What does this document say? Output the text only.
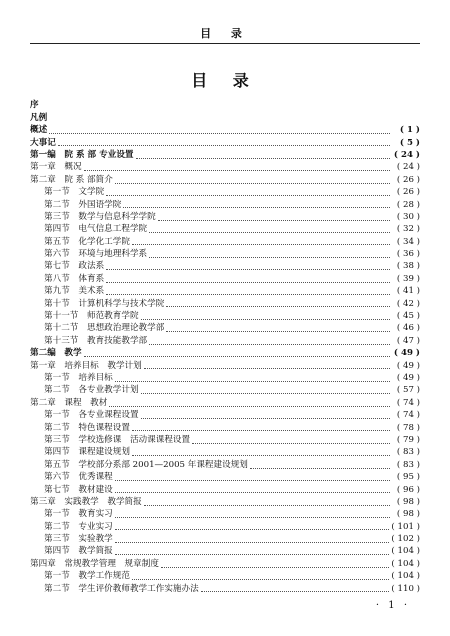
目 录
目 录
序
凡例
概述	( 1 )
大事记	( 5 )
第一编　院 系 部 专业设置	( 24 )
第一章　概况	( 24 )
第二章　院 系 部简介	( 26 )
第一节　文学院	( 26 )
第二节　外国语学院	( 28 )
第三节　数学与信息科学学院	( 30 )
第四节　电气信息工程学院	( 32 )
第五节　化学化工学院	( 34 )
第六节　环境与地理科学系	( 36 )
第七节　政法系	( 38 )
第八节　体育系	( 39 )
第九节　美术系	( 41 )
第十节　计算机科学与技术学院	( 42 )
第十一节　师范教育学院	( 45 )
第十二节　思想政治理论教学部	( 46 )
第十三节　教育技能教学部	( 47 )
第二编　教学	( 49 )
第一章　培养目标　教学计划	( 49 )
第一节　培养目标	( 49 )
第二节　各专业教学计划	( 57 )
第二章　课程　教材	( 74 )
第一节　各专业课程设置	( 74 )
第二节　特色课程设置	( 78 )
第三节　学校选修课　活动课课程设置	( 79 )
第四节　课程建设规划	( 83 )
第五节　学校部分系部 2001—2005 年课程建设规划	( 83 )
第六节　优秀课程	( 95 )
第七节　教材建设	( 96 )
第三章　实践教学　教学简报	( 98 )
第一节　教育实习	( 98 )
第二节　专业实习	( 101 )
第三节　实验教学	( 102 )
第四节　教学简报	( 104 )
第四章　常规教学管理　规章制度	( 104 )
第一节　教学工作规范	( 104 )
第二节　学生评价教师教学工作实施办法	( 110 )
· 1 ·
